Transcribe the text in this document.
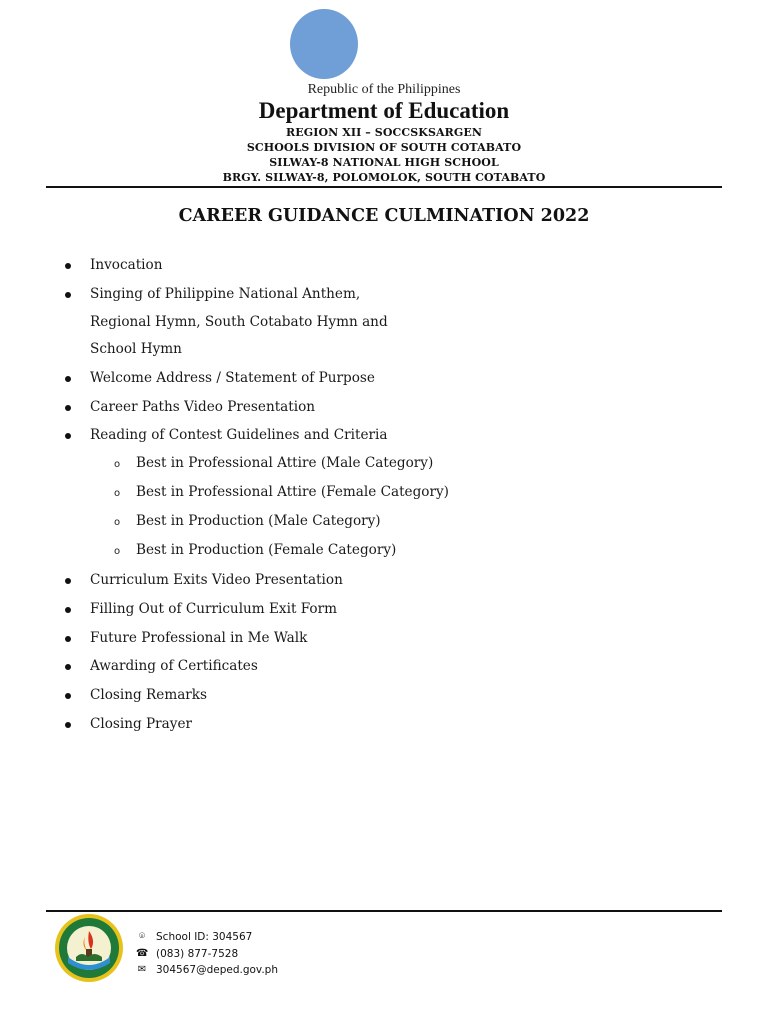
Republic of the Philippines
Department of Education
REGION XII – SOCCSKSARGEN
SCHOOLS DIVISION OF SOUTH COTABATO
SILWAY-8 NATIONAL HIGH SCHOOL
BRGY. SILWAY-8, POLOMOLOK, SOUTH COTABATO
CAREER GUIDANCE CULMINATION 2022
Invocation
Singing of Philippine National Anthem,
Regional Hymn, South Cotabato Hymn and
School Hymn
Welcome Address / Statement of Purpose
Career Paths Video Presentation
Reading of Contest Guidelines and Criteria
o Best in Professional Attire (Male Category)
o Best in Professional Attire (Female Category)
o Best in Production (Male Category)
o Best in Production (Female Category)
Curriculum Exits Video Presentation
Filling Out of Curriculum Exit Form
Future Professional in Me Walk
Awarding of Certificates
Closing Remarks
Closing Prayer
⌾ School ID: 304567
☎ (083) 877-7528
✉ 304567@deped.gov.ph
